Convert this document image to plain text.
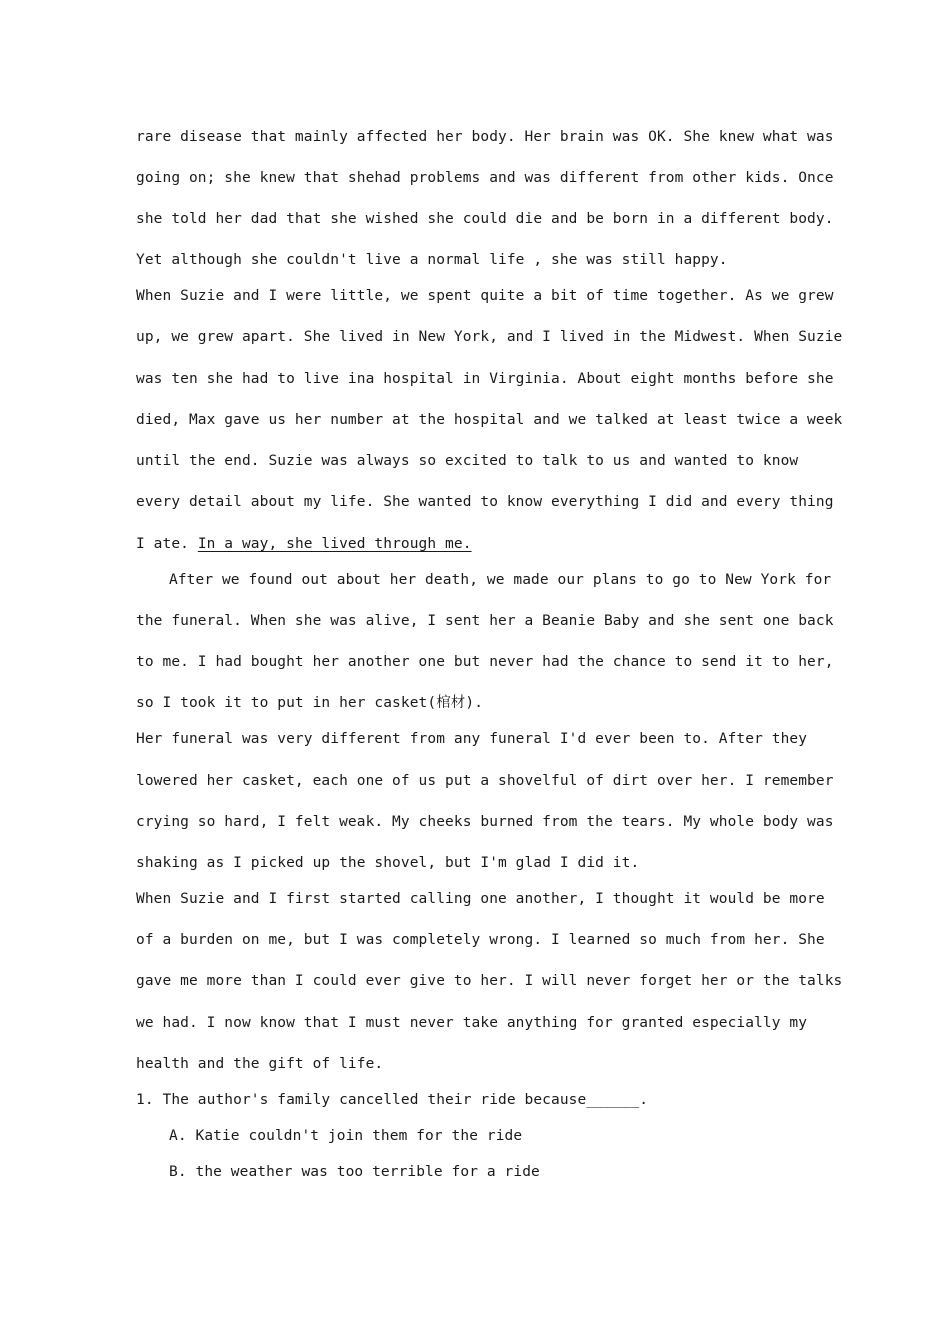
rare disease that mainly affected her body. Her brain was OK. She knew what was

going on; she knew that shehad problems and was different from other kids. Once

she told her dad that she wished she could die and be born in a different body.

Yet although she couldn't live a normal life , she was still happy.

When Suzie and I were little, we spent quite a bit of time together. As we grew

up, we grew apart. She lived in New York, and I lived in the Midwest. When Suzie

was ten she had to live ina hospital in Virginia. About eight months before she

died, Max gave us her number at the hospital and we talked at least twice a week

until the end. Suzie was always so excited to talk to us and wanted to know

every detail about my life. She wanted to know everything I did and every thing

I ate. In a way, she lived through me.

After we found out about her death, we made our plans to go to New York for

the funeral. When she was alive, I sent her a Beanie Baby and she sent one back

to me. I had bought her another one but never had the chance to send it to her,

so I took it to put in her casket(棺材).

Her funeral was very different from any funeral I'd ever been to. After they

lowered her casket, each one of us put a shovelful of dirt over her. I remember

crying so hard, I felt weak. My cheeks burned from the tears. My whole body was

shaking as I picked up the shovel, but I'm glad I did it.

When Suzie and I first started calling one another, I thought it would be more

of a burden on me, but I was completely wrong. I learned so much from her. She

gave me more than I could ever give to her. I will never forget her or the talks

we had. I now know that I must never take anything for granted especially my

health and the gift of life.

1. The author's family cancelled their ride because______.

A. Katie couldn't join them for the ride

B. the weather was too terrible for a ride
